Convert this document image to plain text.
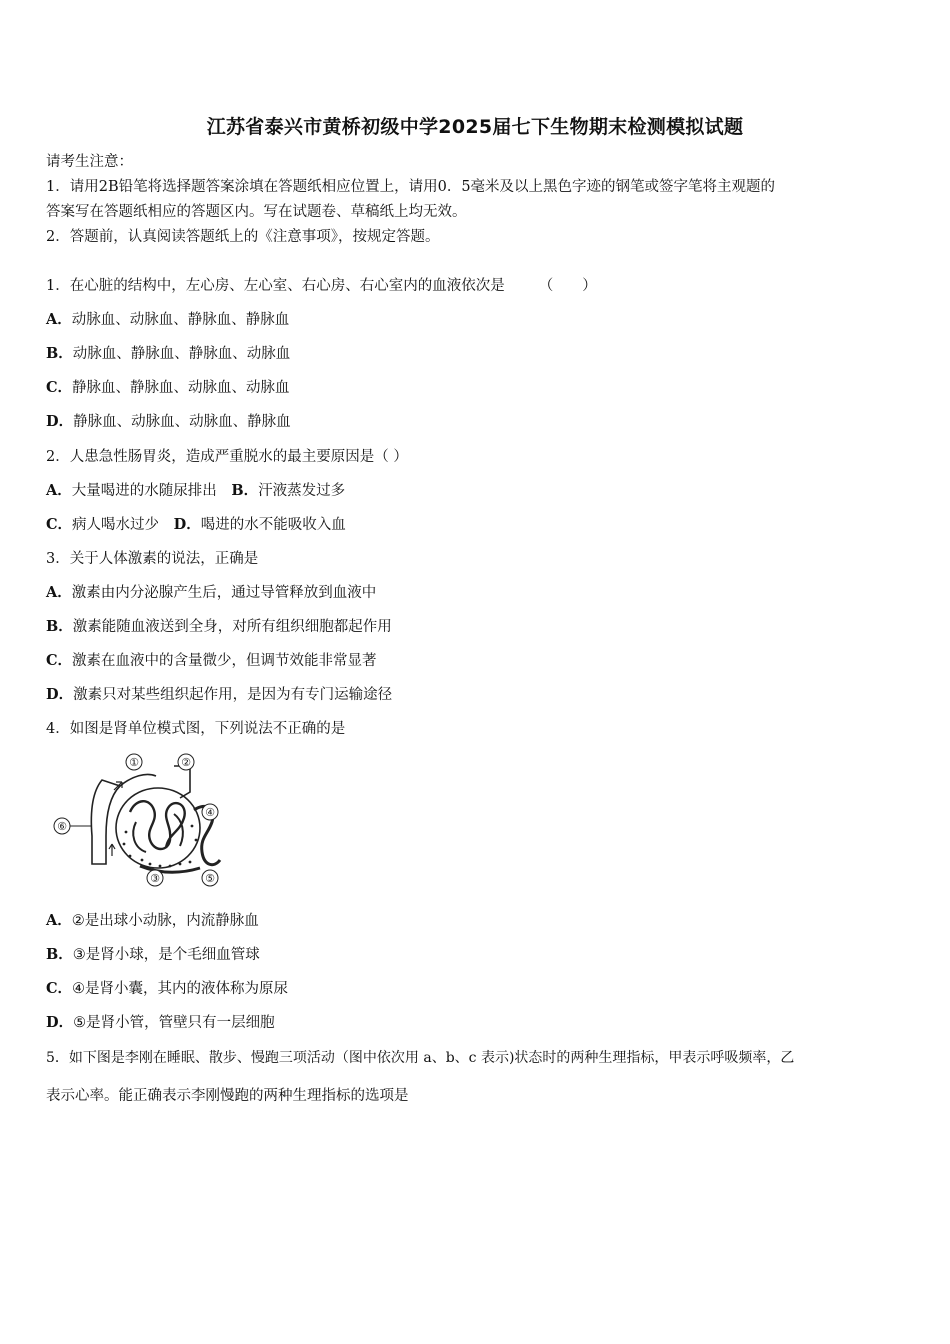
江苏省泰兴市黄桥初级中学2025届七下生物期末检测模拟试题
请考生注意：
1．请用2B铅笔将选择题答案涂填在答题纸相应位置上，请用0．5毫米及以上黑色字迹的钢笔或签字笔将主观题的
答案写在答题纸相应的答题区内。写在试题卷、草稿纸上均无效。
2．答题前，认真阅读答题纸上的《注意事项》，按规定答题。
1．在心脏的结构中，左心房、左心室、右心房、右心室内的血液依次是 （　　）
A．动脉血、动脉血、静脉血、静脉血
B．动脉血、静脉血、静脉血、动脉血
C．静脉血、静脉血、动脉血、动脉血
D．静脉血、动脉血、动脉血、静脉血
2．人患急性肠胃炎，造成严重脱水的最主要原因是（ ）
A．大量喝进的水随尿排出 B．汗液蒸发过多
C．病人喝水过少 D．喝进的水不能吸收入血
3．关于人体激素的说法，正确是
A．激素由内分泌腺产生后，通过导管释放到血液中
B．激素能随血液送到全身，对所有组织细胞都起作用
C．激素在血液中的含量微少，但调节效能非常显著
D．激素只对某些组织起作用，是因为有专门运输途径
4．如图是肾单位模式图，下列说法不正确的是
①	②
③
④
⑤
⑥
A．②是出球小动脉，内流静脉血
B．③是肾小球，是个毛细血管球
C．④是肾小囊，其内的液体称为原尿
D．⑤是肾小管，管壁只有一层细胞
5．如下图是李刚在睡眠、散步、慢跑三项活动（图中依次用 a、b、c 表示)状态时的两种生理指标，甲表示呼吸频率，乙
表示心率。能正确表示李刚慢跑的两种生理指标的选项是
